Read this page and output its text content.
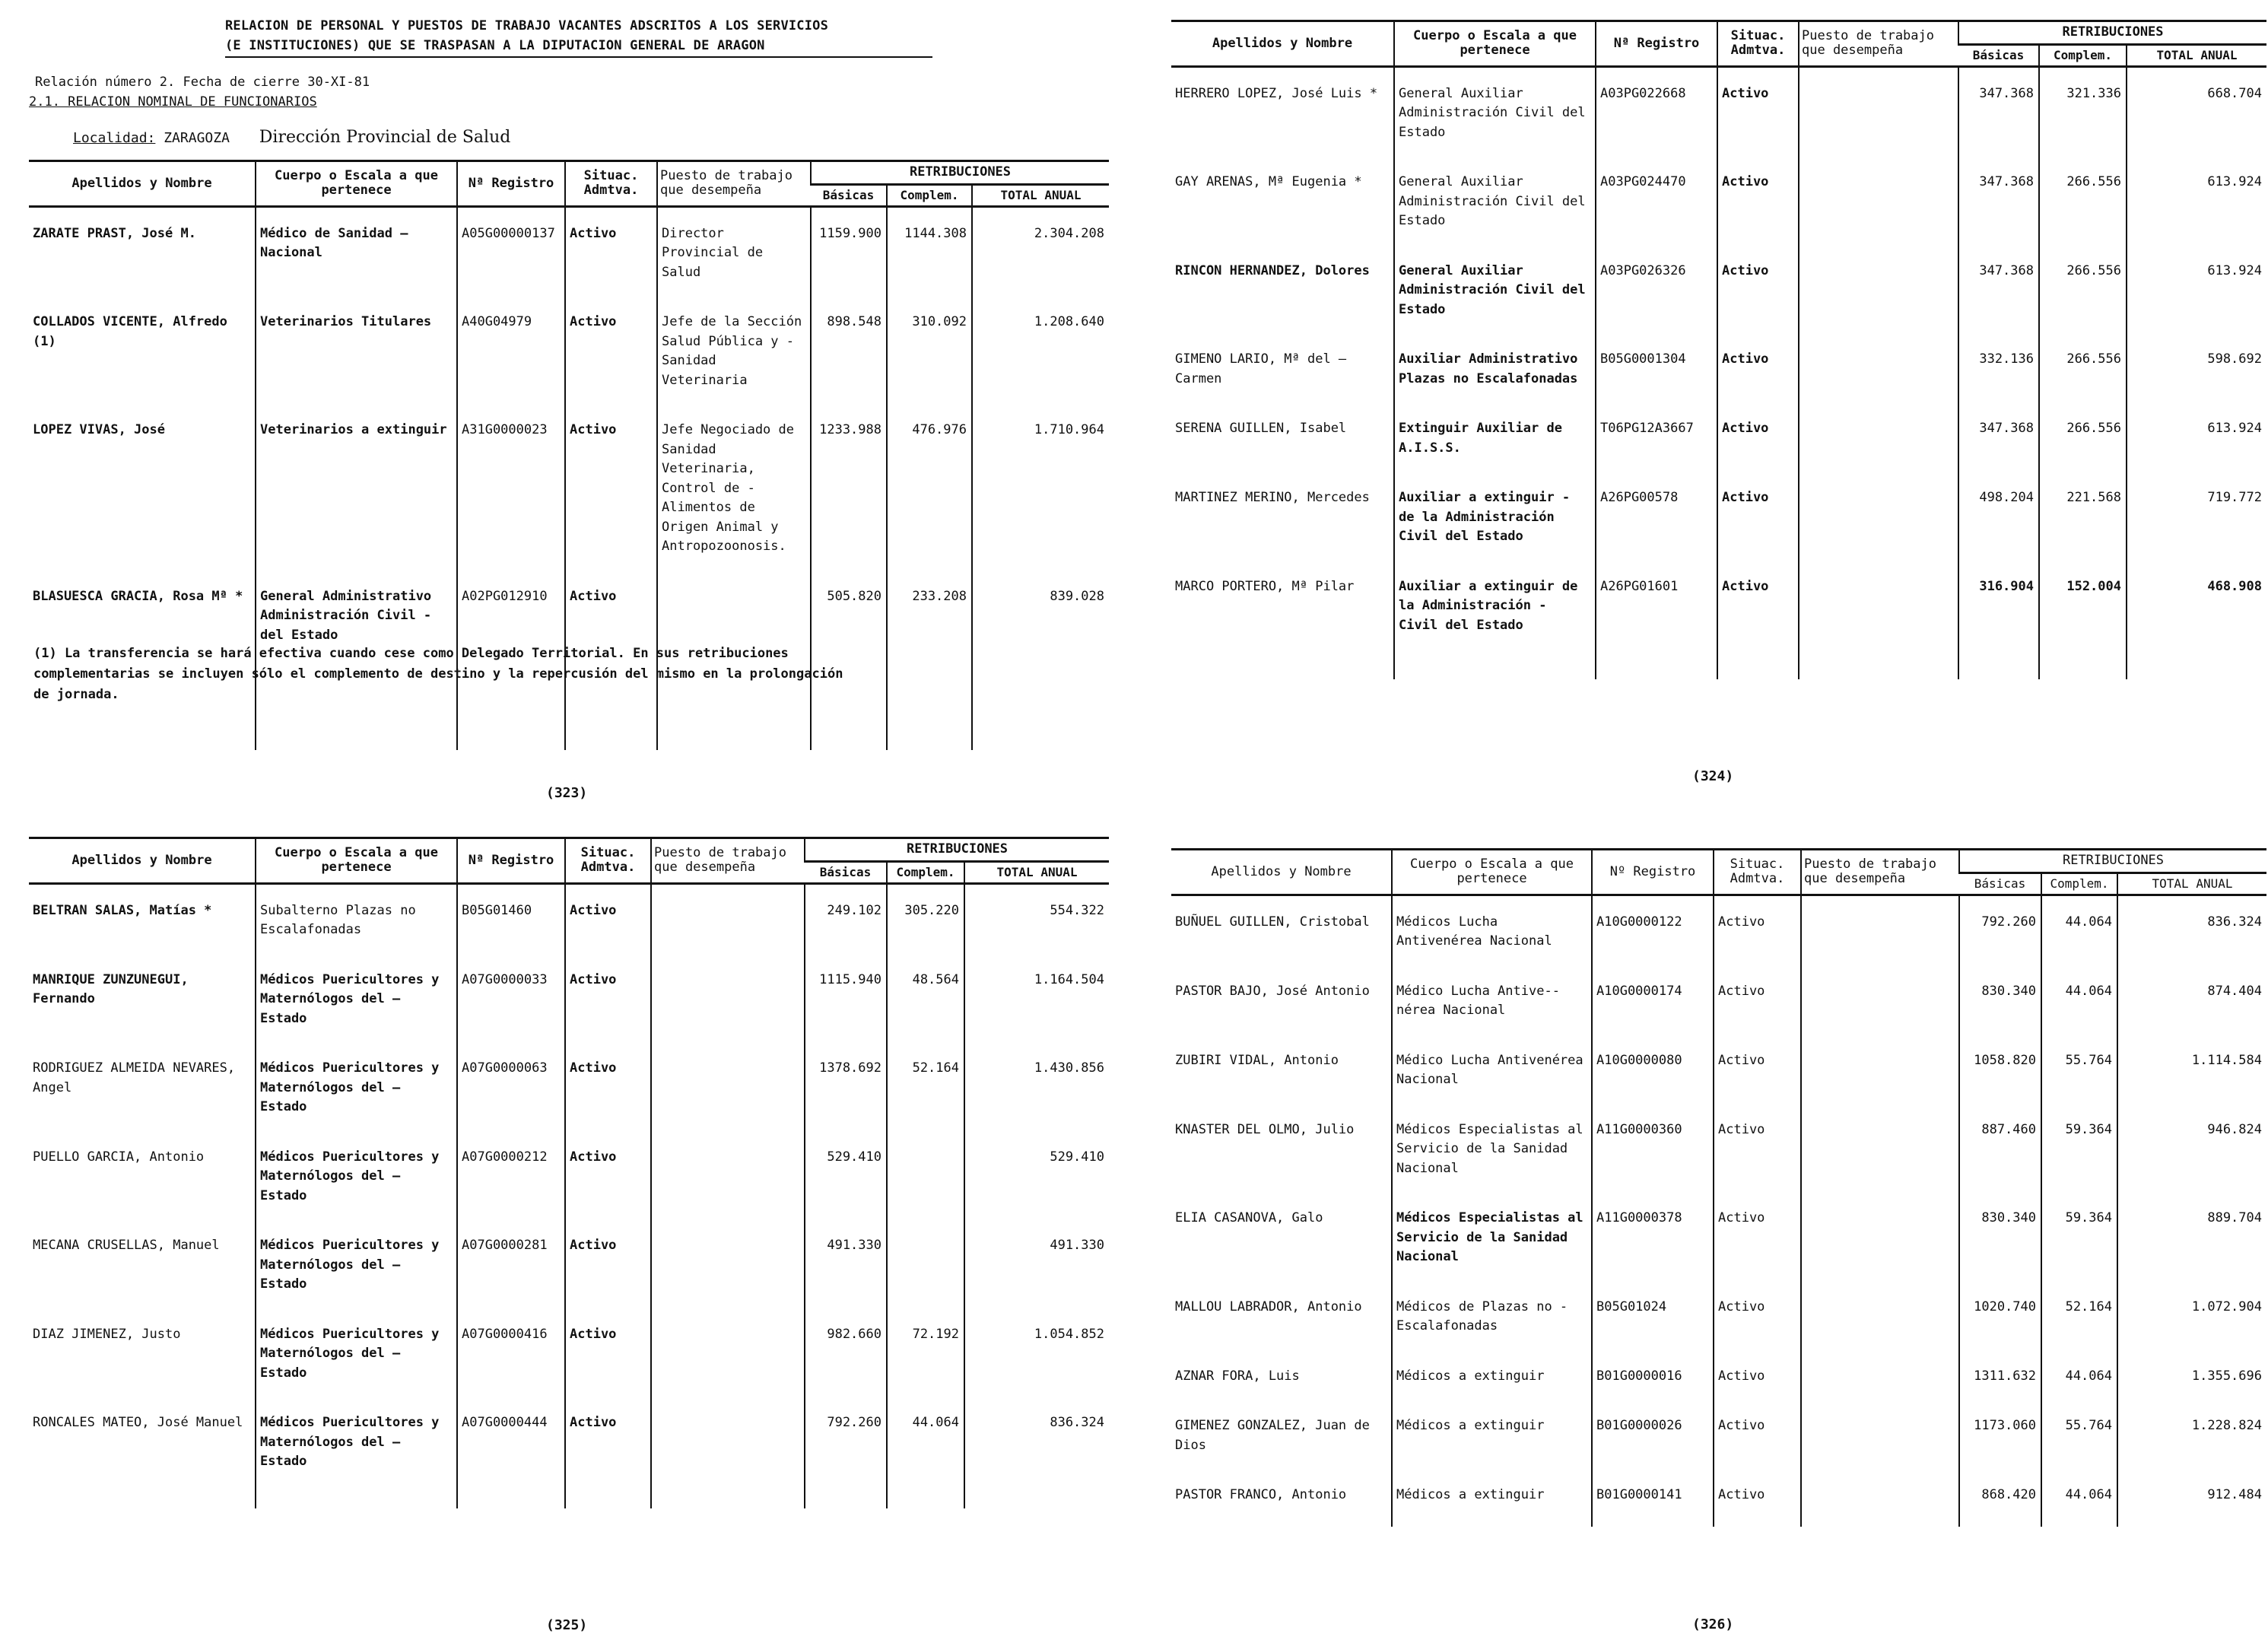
RELACION DE PERSONAL Y PUESTOS DE TRABAJO VACANTES ADSCRITOS A LOS SERVICIOS
(E INSTITUCIONES) QUE SE TRASPASAN A LA DIPUTACION GENERAL DE ARAGON
Relación número 2. Fecha de cierre 30-XI-81
2.1. RELACION NOMINAL DE FUNCIONARIOS
Localidad: ZARAGOZA Dirección Provincial de Salud
Apellidos y Nombre	Cuerpo o Escala a que pertenece	Nª Registro	Situac. Admtva.	Puesto de trabajo que desempeña	RETRIBUCIONES		
					Básicas	Complem.	TOTAL ANUAL
ZARATE PRAST, José M.	Médico de Sanidad — Nacional	A05G00000137	Activo	Director Provincial de Salud	1159.900	1144.308	2.304.208
COLLADOS VICENTE, Alfredo (1)	Veterinarios Titulares	A40G04979	Activo	Jefe de la Sección Salud Pública y - Sanidad Veterinaria	898.548	310.092	1.208.640
LOPEZ VIVAS, José	Veterinarios a extinguir	A31G0000023	Activo	Jefe Negociado de Sanidad Veterinaria, Control de - Alimentos de Origen Animal y Antropozoonosis.	1233.988	476.976	1.710.964
BLASUESCA GRACIA, Rosa Mª *	General Administrativo Administración Civil - del Estado	A02PG012910	Activo		505.820	233.208	839.028

(1) La transferencia se hará efectiva cuando cese como Delegado Territorial. En sus retribuciones complementarias se incluyen sólo el complemento de destino y la repercusión del mismo en la prolongación de jornada.
(323)
Apellidos y Nombre	Cuerpo o Escala a que pertenece	Nª Registro	Situac. Admtva.	Puesto de trabajo que desempeña	RETRIBUCIONES		
					Básicas	Complem.	TOTAL ANUAL
HERRERO LOPEZ, José Luis *	General Auxiliar Administración Civil del Estado	A03PG022668	Activo		347.368	321.336	668.704
GAY ARENAS, Mª Eugenia *	General Auxiliar Administración Civil del Estado	A03PG024470	Activo		347.368	266.556	613.924
RINCON HERNANDEZ, Dolores	General Auxiliar Administración Civil del Estado	A03PG026326	Activo		347.368	266.556	613.924
GIMENO LARIO, Mª del — Carmen	Auxiliar Administrativo Plazas no Escalafonadas	B05G0001304	Activo		332.136	266.556	598.692
SERENA GUILLEN, Isabel	Extinguir Auxiliar de A.I.S.S.	T06PG12A3667	Activo		347.368	266.556	613.924
MARTINEZ MERINO, Mercedes	Auxiliar a extinguir - de la Administración Civil del Estado	A26PG00578	Activo		498.204	221.568	719.772
MARCO PORTERO, Mª Pilar	Auxiliar a extinguir de la Administración - Civil del Estado	A26PG01601	Activo		316.904	152.004	468.908

(324)
Apellidos y Nombre	Cuerpo o Escala a que pertenece	Nª Registro	Situac. Admtva.	Puesto de trabajo que desempeña	RETRIBUCIONES		
					Básicas	Complem.	TOTAL ANUAL
BELTRAN SALAS, Matías *	Subalterno Plazas no Escalafonadas	B05G01460	Activo		249.102	305.220	554.322
MANRIQUE ZUNZUNEGUI, Fernando	Médicos Puericultores y Maternólogos del — Estado	A07G0000033	Activo		1115.940	48.564	1.164.504
RODRIGUEZ ALMEIDA NEVARES, Angel	Médicos Puericultores y Maternólogos del — Estado	A07G0000063	Activo		1378.692	52.164	1.430.856
PUELLO GARCIA, Antonio	Médicos Puericultores y Maternólogos del — Estado	A07G0000212	Activo		529.410		529.410
MECANA CRUSELLAS, Manuel	Médicos Puericultores y Maternólogos del — Estado	A07G0000281	Activo		491.330		491.330
DIAZ JIMENEZ, Justo	Médicos Puericultores y Maternólogos del — Estado	A07G0000416	Activo		982.660	72.192	1.054.852
RONCALES MATEO, José Manuel	Médicos Puericultores y Maternólogos del — Estado	A07G0000444	Activo		792.260	44.064	836.324

(325)
Apellidos y Nombre	Cuerpo o Escala a que pertenece	Nº Registro	Situac. Admtva.	Puesto de trabajo que desempeña	RETRIBUCIONES		
					Básicas	Complem.	TOTAL ANUAL
BUÑUEL GUILLEN, Cristobal	Médicos Lucha Antivenérea Nacional	A10G0000122	Activo		792.260	44.064	836.324
PASTOR BAJO, José Antonio	Médico Lucha Antive-- nérea Nacional	A10G0000174	Activo		830.340	44.064	874.404
ZUBIRI VIDAL, Antonio	Médico Lucha Antivenérea Nacional	A10G0000080	Activo		1058.820	55.764	1.114.584
KNASTER DEL OLMO, Julio	Médicos Especialistas al Servicio de la Sanidad Nacional	A11G0000360	Activo		887.460	59.364	946.824
ELIA CASANOVA, Galo	Médicos Especialistas al Servicio de la Sanidad Nacional	A11G0000378	Activo		830.340	59.364	889.704
MALLOU LABRADOR, Antonio	Médicos de Plazas no - Escalafonadas	B05G01024	Activo		1020.740	52.164	1.072.904
AZNAR FORA, Luis	Médicos a extinguir	B01G0000016	Activo		1311.632	44.064	1.355.696
GIMENEZ GONZALEZ, Juan de Dios	Médicos a extinguir	B01G0000026	Activo		1173.060	55.764	1.228.824
PASTOR FRANCO, Antonio	Médicos a extinguir	B01G0000141	Activo		868.420	44.064	912.484

(326)
